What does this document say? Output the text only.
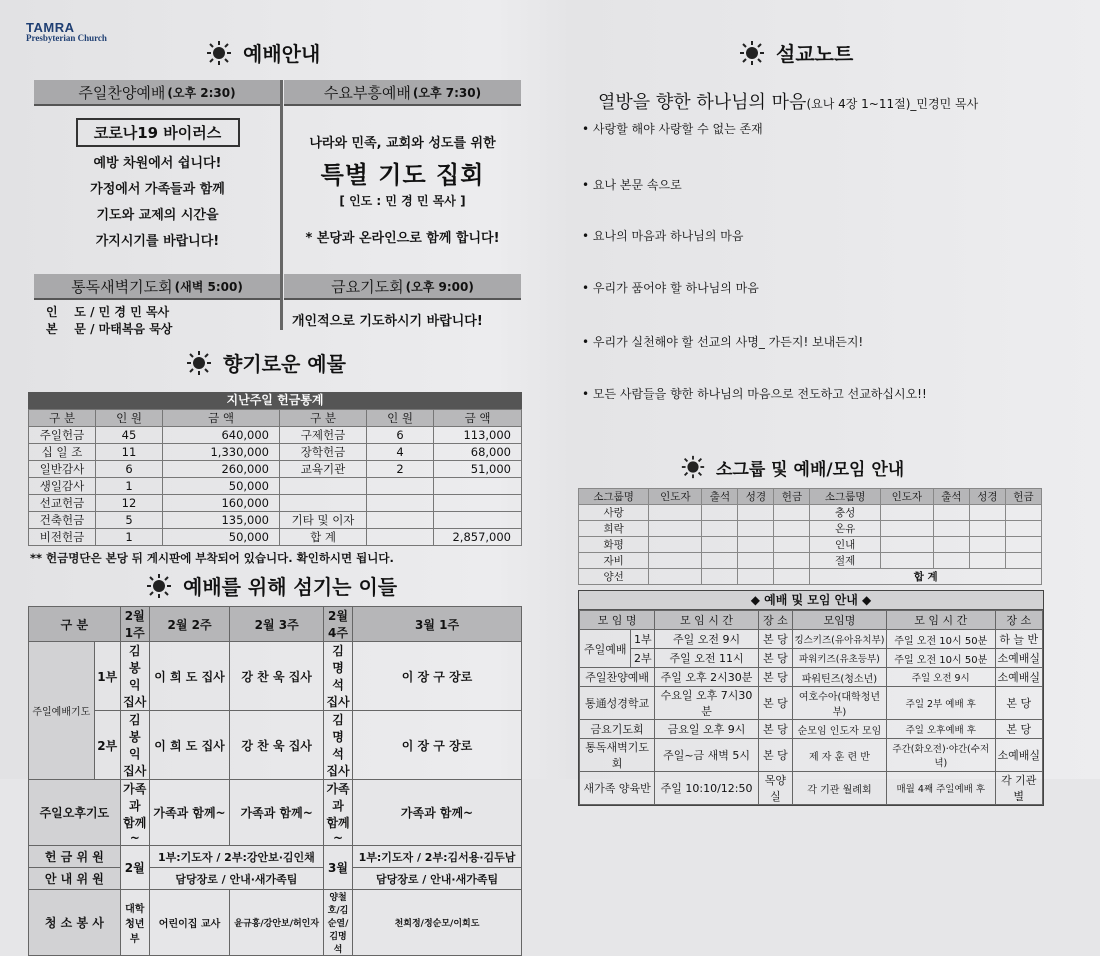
TAMRA
Presbyterian Church
예배안내
주일찬양예배 (오후 2:30)	수요부흥예배 (오후 7:30)
코로나19 바이러스
예방 차원에서 쉽니다!
가정에서 가족들과 함께
기도와 교제의 시간을
가지시기를 바랍니다!
나라와 민족, 교회와 성도를 위한
특별 기도 집회
[ 인도 : 민 경 민 목사 ]
* 본당과 온라인으로 함께 합니다!
통독새벽기도회 (새벽 5:00)	금요기도회 (오후 9:00)
인    도 / 민 경 민 목사
본    문 / 마태복음 묵상	개인적으로 기도하시기 바랍니다!
향기로운 예물
지난주일 헌금통계
구 분	인 원	금 액	구 분	인 원	금 액
주일헌금	45	640,000	구제헌금	6	113,000
십 일 조	11	1,330,000	장학헌금	4	68,000
일반감사	6	260,000	교육기관	2	51,000
생일감사	1	50,000			
선교헌금	12	160,000			
건축헌금	5	135,000	기타 및 이자		
비전헌금	1	50,000	합 계		2,857,000
** 헌금명단은 본당 뒤 게시판에 부착되어 있습니다. 확인하시면 됩니다.
예배를 위해 섬기는 이들
구 분		2월 1주	2월 2주	2월 3주	2월 4주	3월 1주
주일예배기도	1부	김 봉 익 집사	이 희 도 집사	강 찬 욱 집사	김 명 석 집사	이 장 구 장로
	2부	김 봉 익 집사	이 희 도 집사	강 찬 욱 집사	김 명 석 집사	이 장 구 장로
주일오후기도		가족과 함께~	가족과 함께~	가족과 함께~	가족과 함께~	가족과 함께~
헌 금 위 원		2월	1부:기도자 / 2부:강안보·김인채		3월	1부:기도자 / 2부:김서용·김두남
안 내 위 원			담당장로 / 안내·새가족팀			담당장로 / 안내·새가족팀
청 소 봉 사		대학청년부	어린이집 교사	윤규홍/강안보/허인자	양철호/김순열/김명석	천희정/정순모/이희도
설교노트
열방을 향한 하나님의 마음(요나 4장 1~11절)_민경민 목사
• 사랑할 해야 사랑할 수 없는 존재
• 요나 본문 속으로
• 요나의 마음과 하나님의 마음
• 우리가 품어야 할 하나님의 마음
• 우리가 실천해야 할 선교의 사명_ 가든지! 보내든지!
• 모든 사람들을 향한 하나님의 마음으로 전도하고 선교하십시오!!
소그룹 및 예배/모임 안내
소그룹명	인도자	출석	성경	헌금	소그룹명	인도자	출석	성경	헌금
사랑					충성				
희락					온유				
화평					인내				
자비					절제				
양선					합 계				
◆ 예배 및 모임 안내 ◆
모 임 명		모 임 시 간	장 소	모임명	모 임 시 간	장 소
주일예배	1부	주일 오전 9시	본 당	킹스키즈(유아유치부)	주일 오전 10시 50분	하 늘 반
	2부	주일 오전 11시	본 당	파워키즈(유초등부)	주일 오전 10시 50분	소예배실
주일찬양예배		주일 오후 2시30분	본 당	파워틴즈(청소년)	주일 오전 9시	소예배실
통通성경학교		수요일 오후 7시30분	본 당	여호수아(대학청년부)	주일 2부 예배 후	본 당
금요기도회		금요일 오후 9시	본 당	순모임 인도자 모임	주일 오후예배 후	본 당
통독새벽기도회		주일~금 새벽 5시	본 당	제 자 훈 련 반	주간(화오전)·야간(수저녁)	소예배실
새가족 양육반		주일 10:10/12:50	목양실	각 기관 월례회	매월 4째 주일예배 후	각 기관별
